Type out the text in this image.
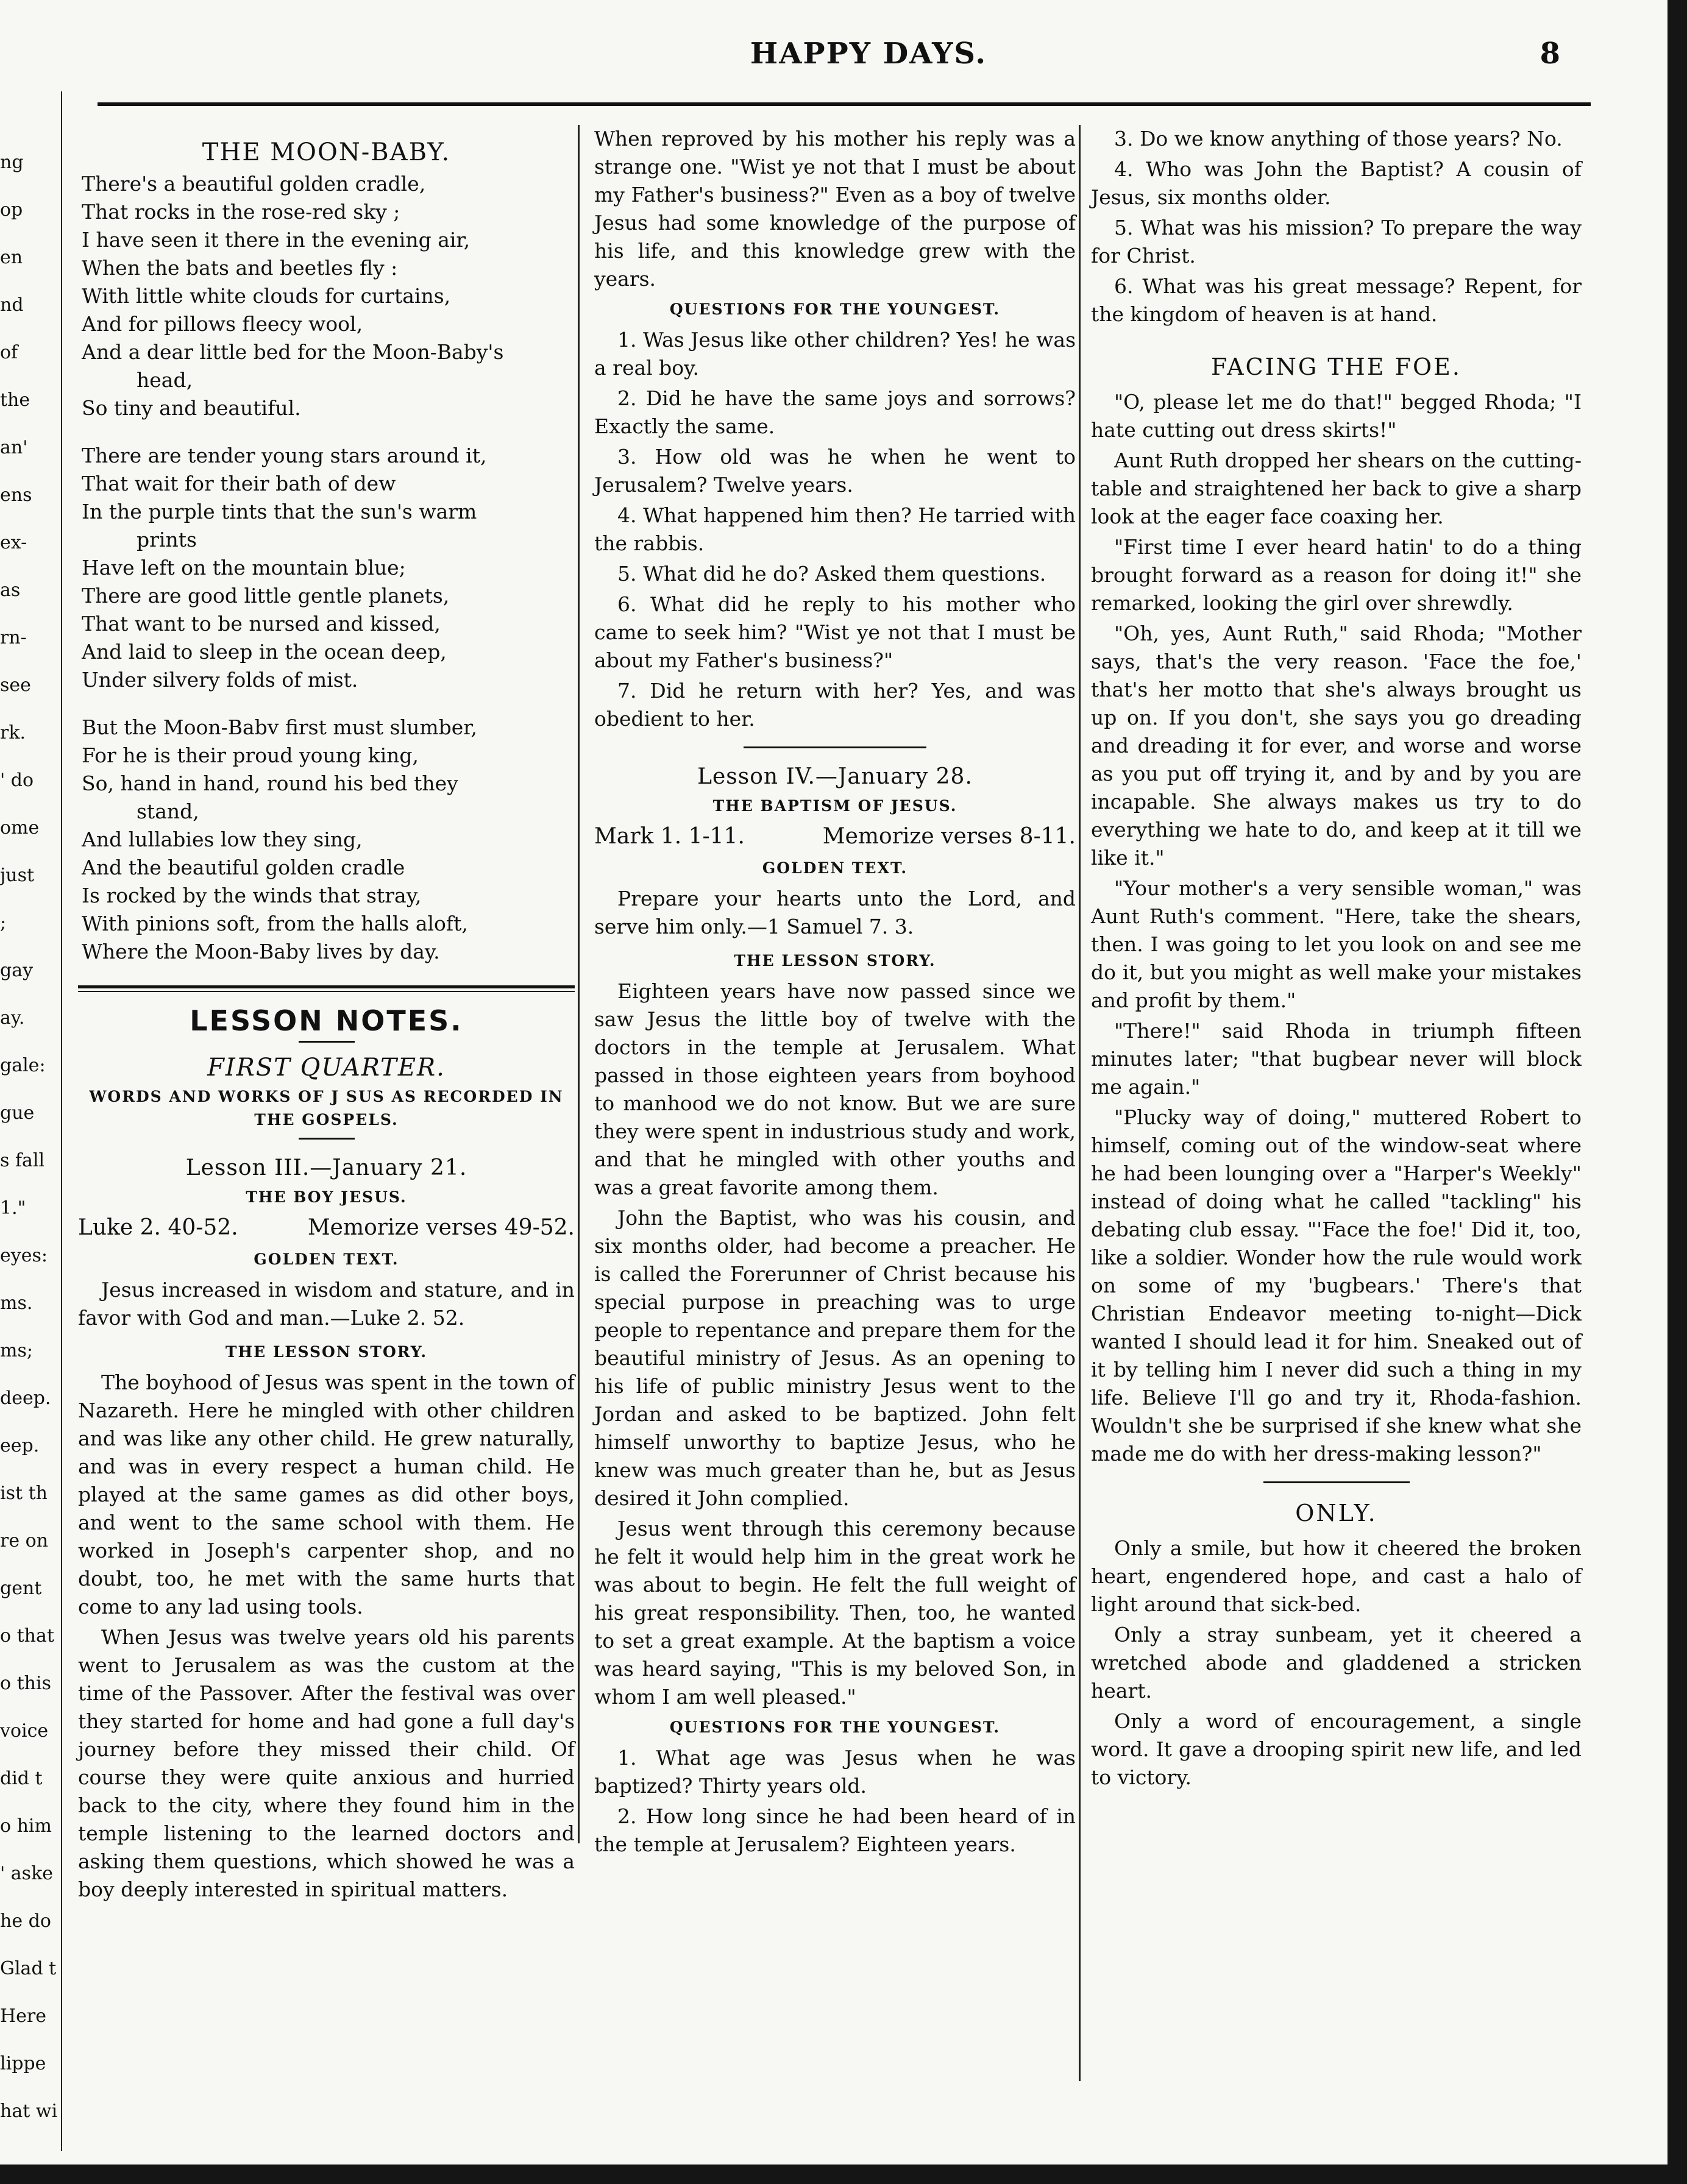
ng
op
en
nd
of
the
an'
ens
ex-
as
rn-
see
rk.
' do
ome
just
;
gay
ay.
gale:
gue
s fall
1."
eyes:
ms.
ms;
deep.
eep.
ist th
re on
gent
o that
o this
voice
did t
o him
' aske
he do
Glad t
Here
lippe
hat wi
HAPPY DAYS.	8
THE MOON-BABY.

There's a beautiful golden cradle,

That rocks in the rose-red sky ;

I have seen it there in the evening air,

When the bats and beetles fly :

With little white clouds for curtains,

And for pillows fleecy wool,

And a dear little bed for the Moon-Baby's

head,

So tiny and beautiful.

There are tender young stars around it,

That wait for their bath of dew

In the purple tints that the sun's warm

prints

Have left on the mountain blue;

There are good little gentle planets,

That want to be nursed and kissed,

And laid to sleep in the ocean deep,

Under silvery folds of mist.

But the Moon-Babv first must slumber,

For he is their proud young king,

So, hand in hand, round his bed they

stand,

And lullabies low they sing,

And the beautiful golden cradle

Is rocked by the winds that stray,

With pinions soft, from the halls aloft,

Where the Moon-Baby lives by day.

LESSON NOTES.
FIRST QUARTER.
WORDS AND WORKS OF J SUS AS RECORDED IN THE GOSPELS.
Lesson III.—January 21.
THE BOY JESUS.
Luke 2. 40-52.	Memorize verses 49-52.
GOLDEN TEXT.

Jesus increased in wisdom and stature, and in favor with God and man.—Luke 2. 52.

THE LESSON STORY.

The boyhood of Jesus was spent in the town of Nazareth. Here he mingled with other children and was like any other child. He grew naturally, and was in every respect a human child. He played at the same games as did other boys, and went to the same school with them. He worked in Joseph's carpenter shop, and no doubt, too, he met with the same hurts that come to any lad using tools.

When Jesus was twelve years old his parents went to Jerusalem as was the custom at the time of the Passover. After the festival was over they started for home and had gone a full day's journey before they missed their child. Of course they were quite anxious and hurried back to the city, where they found him in the temple listening to the learned doctors and asking them questions, which showed he was a boy deeply interested in spiritual matters.

When reproved by his mother his reply was a strange one. "Wist ye not that I must be about my Father's business?" Even as a boy of twelve Jesus had some knowledge of the purpose of his life, and this knowledge grew with the years.

QUESTIONS FOR THE YOUNGEST.

1. Was Jesus like other children? Yes! he was a real boy.

2. Did he have the same joys and sorrows? Exactly the same.

3. How old was he when he went to Jerusalem? Twelve years.

4. What happened him then? He tarried with the rabbis.

5. What did he do? Asked them questions.

6. What did he reply to his mother who came to seek him? "Wist ye not that I must be about my Father's business?"

7. Did he return with her? Yes, and was obedient to her.

Lesson IV.—January 28.
THE BAPTISM OF JESUS.
Mark 1. 1-11.	Memorize verses 8-11.
GOLDEN TEXT.

Prepare your hearts unto the Lord, and serve him only.—1 Samuel 7. 3.

THE LESSON STORY.

Eighteen years have now passed since we saw Jesus the little boy of twelve with the doctors in the temple at Jerusalem. What passed in those eighteen years from boyhood to manhood we do not know. But we are sure they were spent in industrious study and work, and that he mingled with other youths and was a great favorite among them.

John the Baptist, who was his cousin, and six months older, had become a preacher. He is called the Forerunner of Christ because his special purpose in preaching was to urge people to repentance and prepare them for the beautiful ministry of Jesus. As an opening to his life of public ministry Jesus went to the Jordan and asked to be baptized. John felt himself unworthy to baptize Jesus, who he knew was much greater than he, but as Jesus desired it John complied.

Jesus went through this ceremony because he felt it would help him in the great work he was about to begin. He felt the full weight of his great responsibility. Then, too, he wanted to set a great example. At the baptism a voice was heard saying, "This is my beloved Son, in whom I am well pleased."

QUESTIONS FOR THE YOUNGEST.

1. What age was Jesus when he was baptized? Thirty years old.

2. How long since he had been heard of in the temple at Jerusalem? Eighteen years.

3. Do we know anything of those years? No.

4. Who was John the Baptist? A cousin of Jesus, six months older.

5. What was his mission? To prepare the way for Christ.

6. What was his great message? Repent, for the kingdom of heaven is at hand.

FACING THE FOE.

"O, please let me do that!" begged Rhoda; "I hate cutting out dress skirts!"

Aunt Ruth dropped her shears on the cutting-table and straightened her back to give a sharp look at the eager face coaxing her.

"First time I ever heard hatin' to do a thing brought forward as a reason for doing it!" she remarked, looking the girl over shrewdly.

"Oh, yes, Aunt Ruth," said Rhoda; "Mother says, that's the very reason. 'Face the foe,' that's her motto that she's always brought us up on. If you don't, she says you go dreading and dreading it for ever, and worse and worse as you put off trying it, and by and by you are incapable. She always makes us try to do everything we hate to do, and keep at it till we like it."

"Your mother's a very sensible woman," was Aunt Ruth's comment. "Here, take the shears, then. I was going to let you look on and see me do it, but you might as well make your mistakes and profit by them."

"There!" said Rhoda in triumph fifteen minutes later; "that bugbear never will block me again."

"Plucky way of doing," muttered Robert to himself, coming out of the window-seat where he had been lounging over a "Harper's Weekly" instead of doing what he called "tackling" his debating club essay. "'Face the foe!' Did it, too, like a soldier. Wonder how the rule would work on some of my 'bugbears.' There's that Christian Endeavor meeting to-night—Dick wanted I should lead it for him. Sneaked out of it by telling him I never did such a thing in my life. Believe I'll go and try it, Rhoda-fashion. Wouldn't she be surprised if she knew what she made me do with her dress-making lesson?"

ONLY.

Only a smile, but how it cheered the broken heart, engendered hope, and cast a halo of light around that sick-bed.

Only a stray sunbeam, yet it cheered a wretched abode and gladdened a stricken heart.

Only a word of encouragement, a single word. It gave a drooping spirit new life, and led to victory.
